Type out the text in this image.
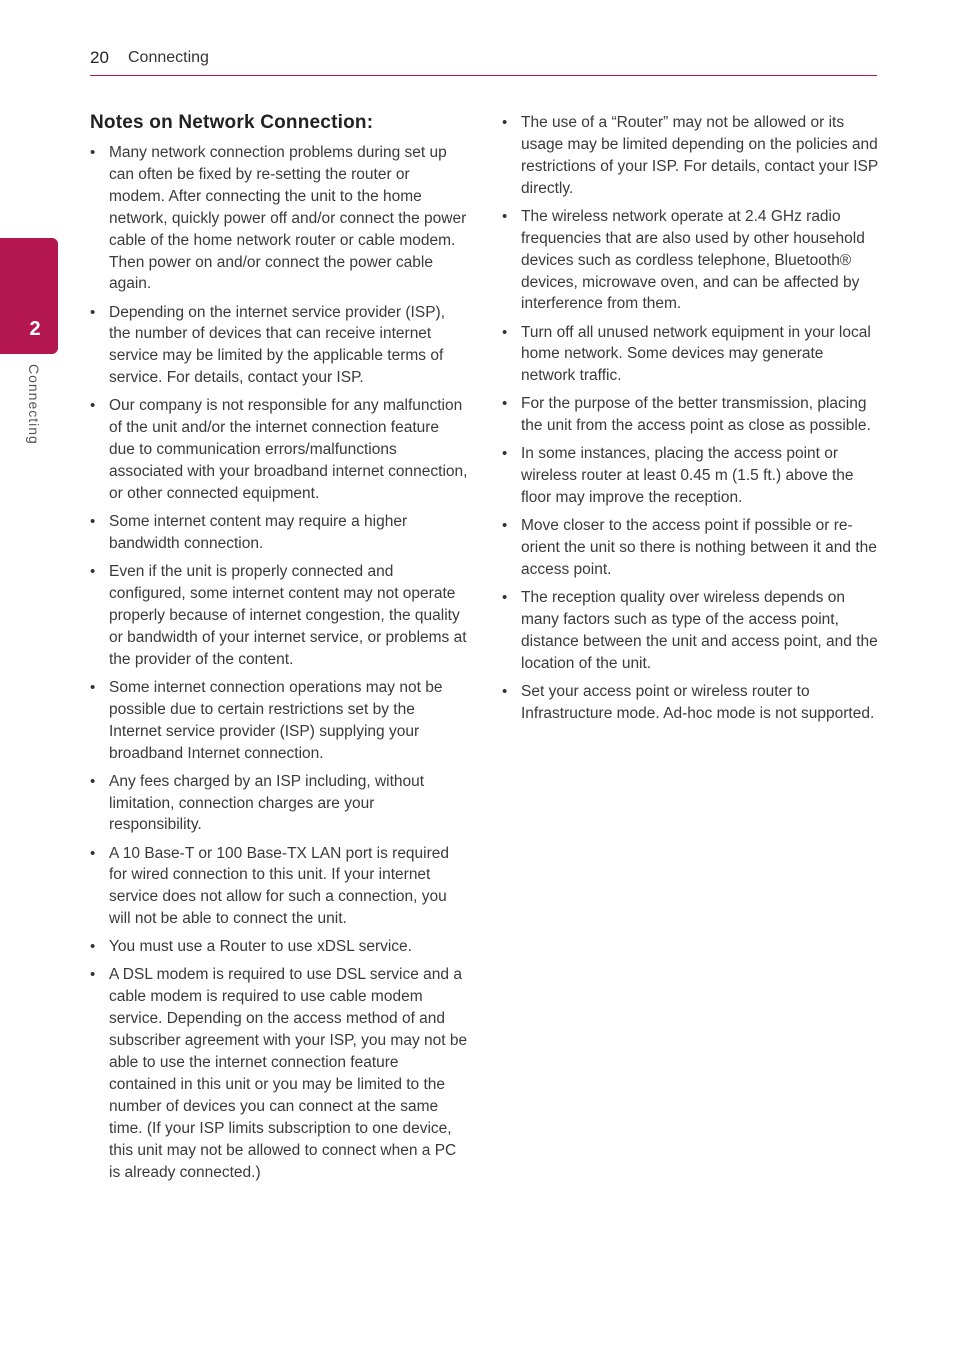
20 Connecting
2
Connecting
Notes on Network Connection:
• Many network connection problems during set up can often be fixed by re-setting the router or modem. After connecting the unit to the home network, quickly power off and/or connect the power cable of the home network router or cable modem. Then power on and/or connect the power cable again.
• Depending on the internet service provider (ISP), the number of devices that can receive internet service may be limited by the applicable terms of service. For details, contact your ISP.
• Our company is not responsible for any malfunction of the unit and/or the internet connection feature due to communication errors/malfunctions associated with your broadband internet connection, or other connected equipment.
• Some internet content may require a higher bandwidth connection.
• Even if the unit is properly connected and configured, some internet content may not operate properly because of internet congestion, the quality or bandwidth of your internet service, or problems at the provider of the content.
• Some internet connection operations may not be possible due to certain restrictions set by the Internet service provider (ISP) supplying your broadband Internet connection.
• Any fees charged by an ISP including, without limitation, connection charges are your responsibility.
• A 10 Base-T or 100 Base-TX LAN port is required for wired connection to this unit. If your internet service does not allow for such a connection, you will not be able to connect the unit.
• You must use a Router to use xDSL service.
• A DSL modem is required to use DSL service and a cable modem is required to use cable modem service. Depending on the access method of and subscriber agreement with your ISP, you may not be able to use the internet connection feature contained in this unit or you may be limited to the number of devices you can connect at the same time. (If your ISP limits subscription to one device, this unit may not be allowed to connect when a PC is already connected.)
• The use of a “Router” may not be allowed or its usage may be limited depending on the policies and restrictions of your ISP. For details, contact your ISP directly.
• The wireless network operate at 2.4 GHz radio frequencies that are also used by other household devices such as cordless telephone, Bluetooth® devices, microwave oven, and can be affected by interference from them.
• Turn off all unused network equipment in your local home network. Some devices may generate network traffic.
• For the purpose of the better transmission, placing the unit from the access point as close as possible.
• In some instances, placing the access point or wireless router at least 0.45 m (1.5 ft.) above the floor may improve the reception.
• Move closer to the access point if possible or re-orient the unit so there is nothing between it and the access point.
• The reception quality over wireless depends on many factors such as type of the access point, distance between the unit and access point, and the location of the unit.
• Set your access point or wireless router to Infrastructure mode. Ad-hoc mode is not supported.
